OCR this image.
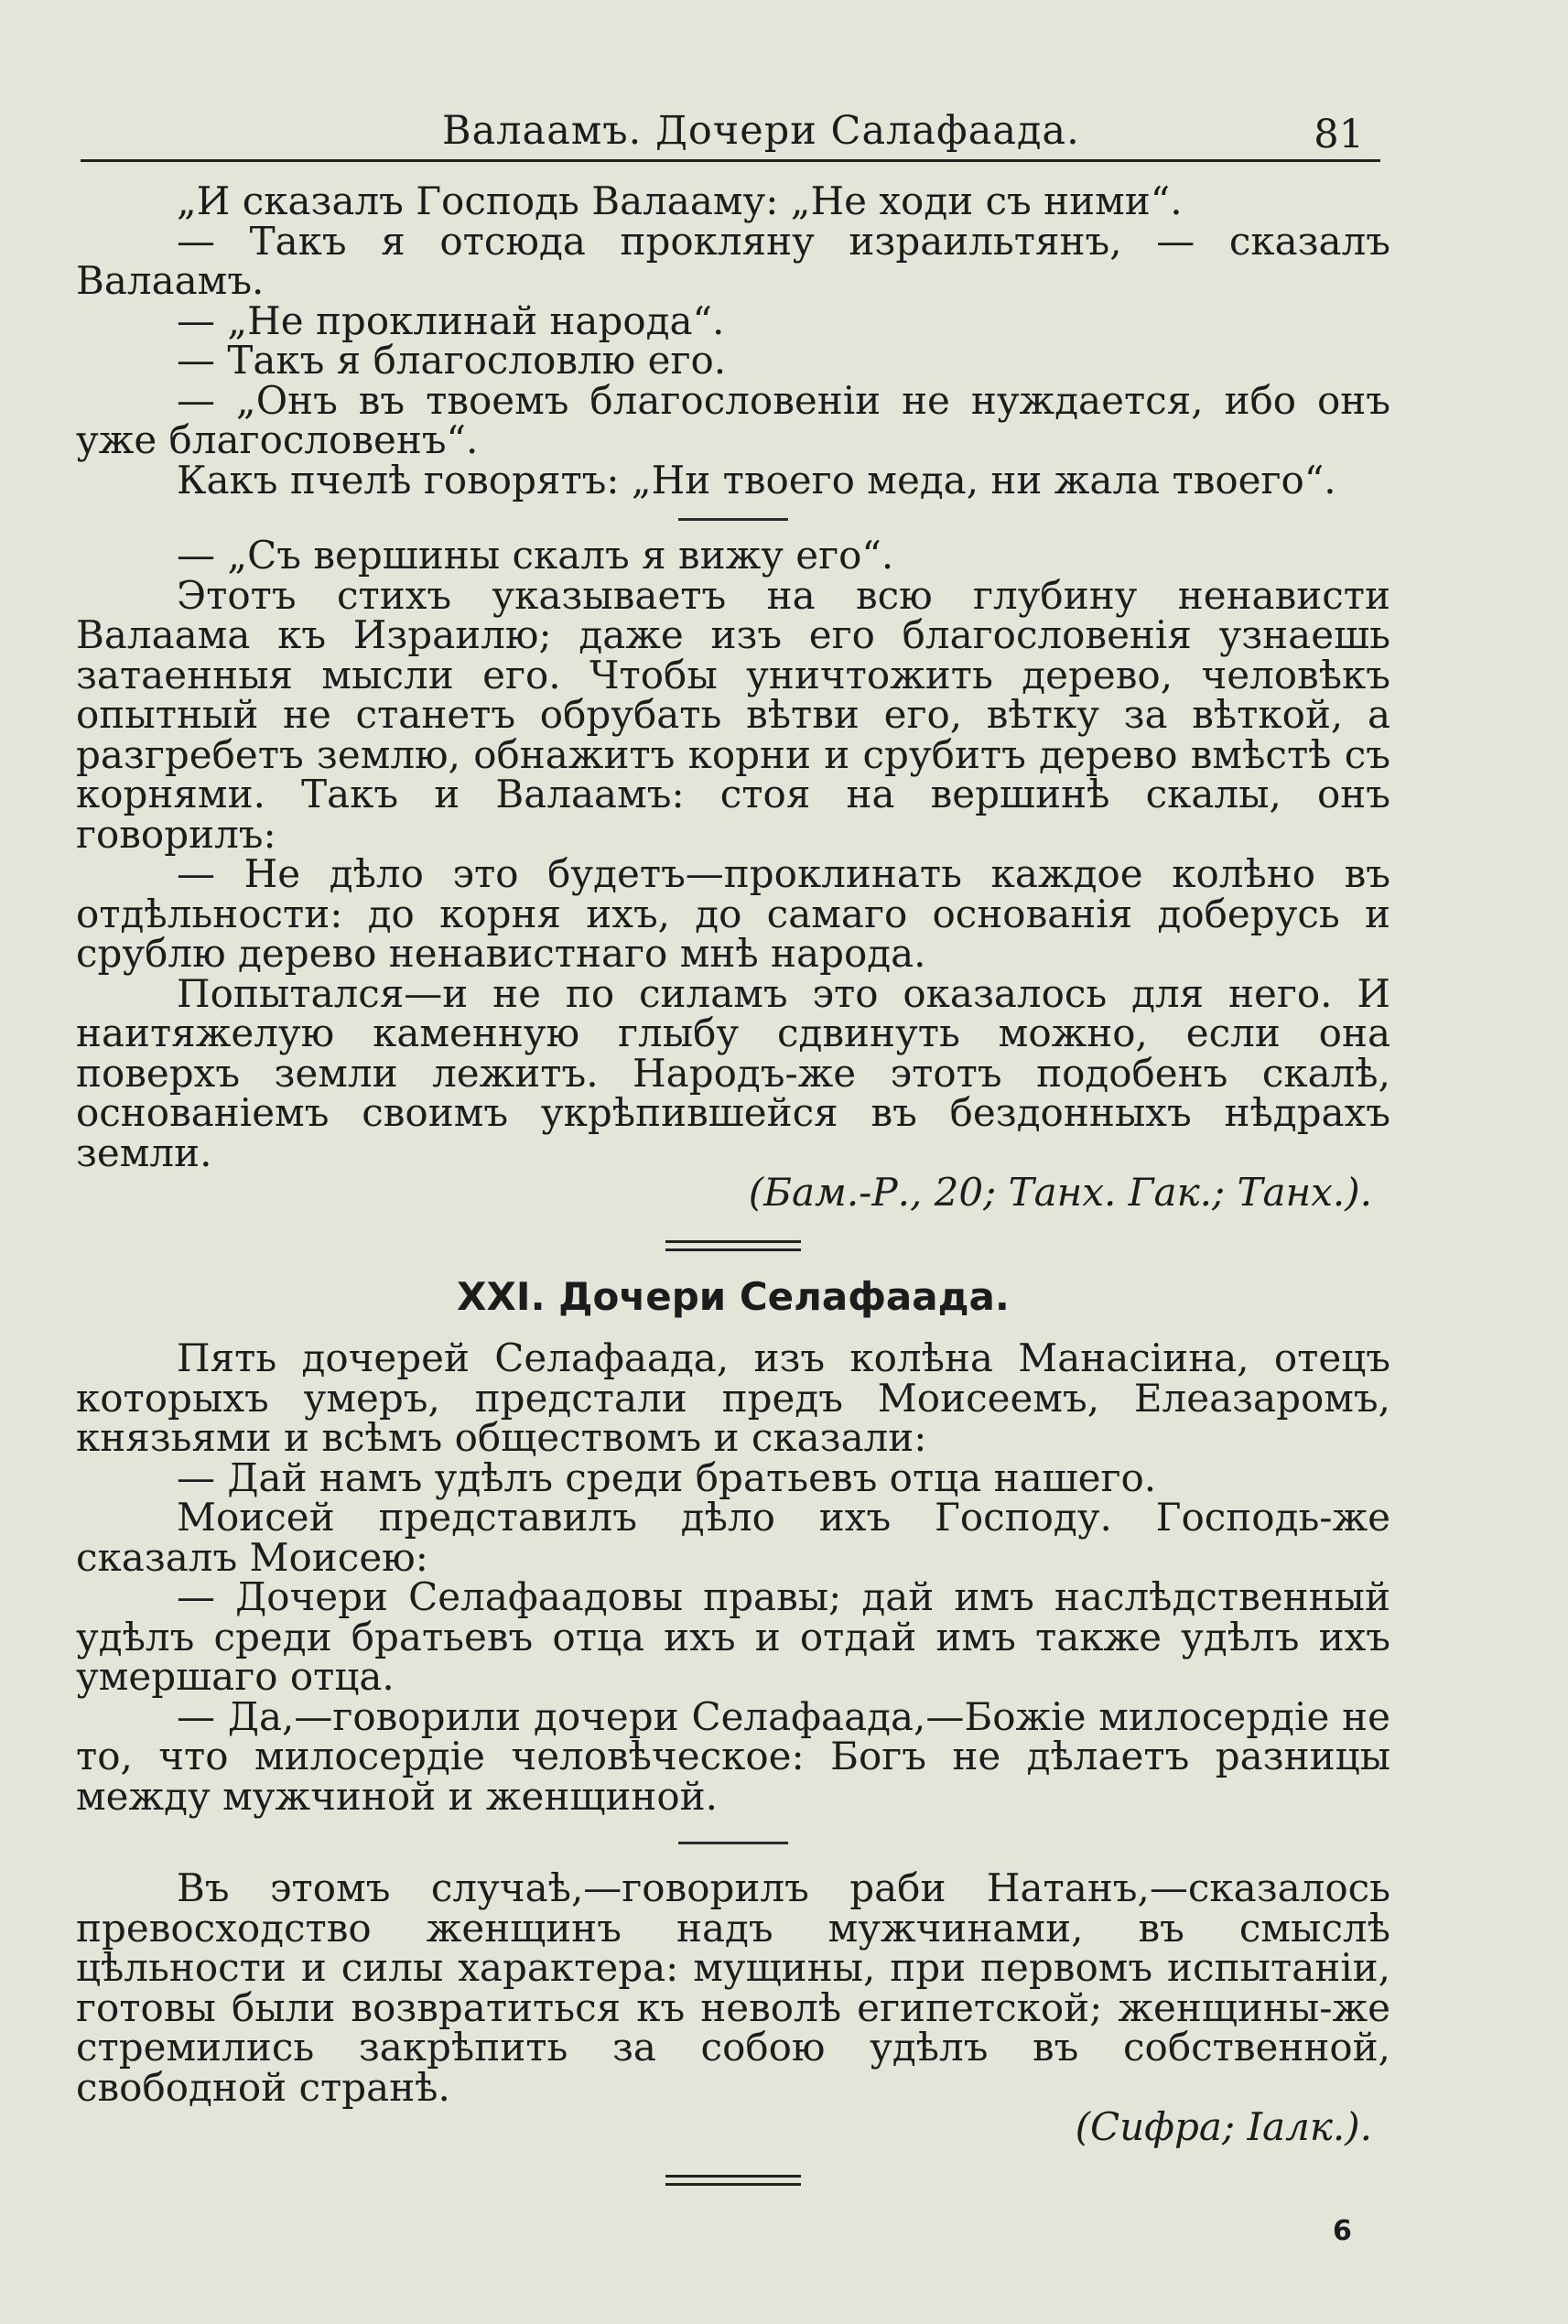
Валаамъ. Дочери Салафаада.	81

„И сказалъ Господь Валааму: „Не ходи съ ними“.

— Такъ я отсюда прокляну израильтянъ, — сказалъ Валаамъ.

— „Не проклинай народа“.

— Такъ я благословлю его.

— „Онъ въ твоемъ благословеніи не нуждается, ибо онъ уже благословенъ“.

Какъ пчелѣ говорятъ: „Ни твоего меда, ни жала твоего“.

— „Съ вершины скалъ я вижу его“.

Этотъ стихъ указываетъ на всю глубину ненависти Валаама къ Израилю; даже изъ его благословенія узнаешь затаенныя мысли его. Чтобы уничтожить дерево, человѣкъ опытный не станетъ обрубать вѣтви его, вѣтку за вѣткой, а разгребетъ землю, обнажитъ корни и срубитъ дерево вмѣстѣ съ корнями. Такъ и Валаамъ: стоя на вершинѣ скалы, онъ говорилъ:

— Не дѣло это будетъ—проклинать каждое колѣно въ отдѣльности: до корня ихъ, до самаго основанія доберусь и срублю дерево ненавистнаго мнѣ народа.

Попытался—и не по силамъ это оказалось для него. И наитяжелую каменную глыбу сдвинуть можно, если она поверхъ земли лежитъ. Народъ-же этотъ подобенъ скалѣ, основаніемъ своимъ укрѣпившейся въ бездонныхъ нѣдрахъ земли.

(Бам.-Р., 20; Танх. Гак.; Танх.).

XXI. Дочери Селафаада.

Пять дочерей Селафаада, изъ колѣна Манасіина, отецъ которыхъ умеръ, предстали предъ Моисеемъ, Елеазаромъ, князьями и всѣмъ обществомъ и сказали:

— Дай намъ удѣлъ среди братьевъ отца нашего.

Моисей представилъ дѣло ихъ Господу. Господь-же сказалъ Моисею:

— Дочери Селафаадовы правы; дай имъ наслѣдственный удѣлъ среди братьевъ отца ихъ и отдай имъ также удѣлъ ихъ умершаго отца.

— Да,—говорили дочери Селафаада,—Божіе милосердіе не то, что милосердіе человѣческое: Богъ не дѣлаетъ разницы между мужчиной и женщиной.

Въ этомъ случаѣ,—говорилъ раби Натанъ,—сказалось превосходство женщинъ надъ мужчинами, въ смыслѣ цѣльности и силы характера: мущины, при первомъ испытаніи, готовы были возвратиться къ неволѣ египетской; женщины-же стремились закрѣпить за собою удѣлъ въ собственной, свободной странѣ.

(Сифра; Іалк.).

6
